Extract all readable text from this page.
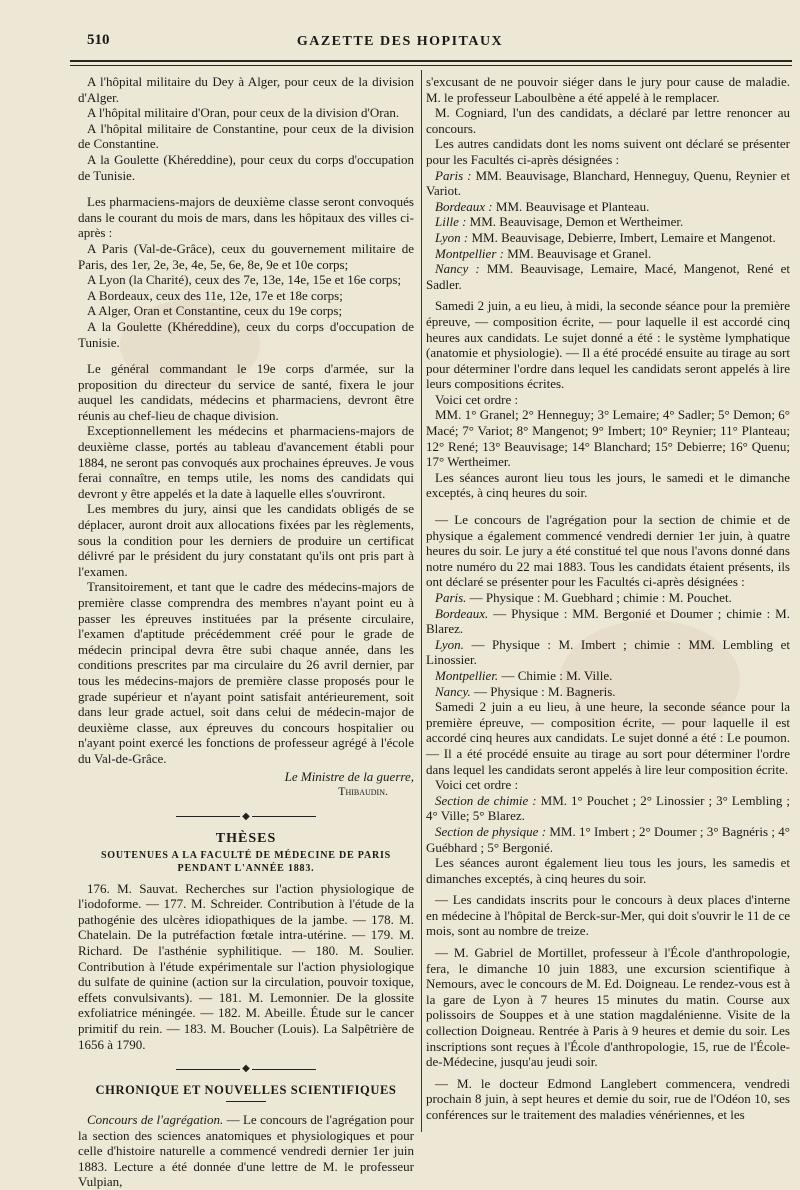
510	GAZETTE DES HOPITAUX

A l'hôpital militaire du Dey à Alger, pour ceux de la division d'Alger.

A l'hôpital militaire d'Oran, pour ceux de la division d'Oran.

A l'hôpital militaire de Constantine, pour ceux de la division de Constantine.

A la Goulette (Khéreddine), pour ceux du corps d'occupation de Tunisie.

Les pharmaciens-majors de deuxième classe seront convoqués dans le courant du mois de mars, dans les hôpitaux des villes ci-après :

A Paris (Val-de-Grâce), ceux du gouvernement militaire de Paris, des 1er, 2e, 3e, 4e, 5e, 6e, 8e, 9e et 10e corps;

A Lyon (la Charité), ceux des 7e, 13e, 14e, 15e et 16e corps;

A Bordeaux, ceux des 11e, 12e, 17e et 18e corps;

A Alger, Oran et Constantine, ceux du 19e corps;

A la Goulette (Khéreddine), ceux du corps d'occupation de Tunisie.

Le général commandant le 19e corps d'armée, sur la proposition du directeur du service de santé, fixera le jour auquel les candidats, médecins et pharmaciens, devront être réunis au chef-lieu de chaque division.

Exceptionnellement les médecins et pharmaciens-majors de deuxième classe, portés au tableau d'avancement établi pour 1884, ne seront pas convoqués aux prochaines épreuves. Je vous ferai connaître, en temps utile, les noms des candidats qui devront y être appelés et la date à laquelle elles s'ouvriront.

Les membres du jury, ainsi que les candidats obligés de se déplacer, auront droit aux allocations fixées par les règlements, sous la condition pour les derniers de produire un certificat délivré par le président du jury constatant qu'ils ont pris part à l'examen.

Transitoirement, et tant que le cadre des médecins-majors de première classe comprendra des membres n'ayant point eu à passer les épreuves instituées par la présente circulaire, l'examen d'aptitude précédemment créé pour le grade de médecin principal devra être subi chaque année, dans les conditions prescrites par ma circulaire du 26 avril dernier, par tous les médecins-majors de première classe proposés pour le grade supérieur et n'ayant point satisfait antérieurement, soit dans leur grade actuel, soit dans celui de médecin-major de deuxième classe, aux épreuves du concours hospitalier ou n'ayant point exercé les fonctions de professeur agrégé à l'école du Val-de-Grâce.

Le Ministre de la guerre,
Thibaudin.
◆
THÈSES
SOUTENUES A LA FACULTÉ DE MÉDECINE DE PARIS
PENDANT L'ANNÉE 1883.

176. M. Sauvat. Recherches sur l'action physiologique de l'iodoforme. — 177. M. Schreider. Contribution à l'étude de la pathogénie des ulcères idiopathiques de la jambe. — 178. M. Chatelain. De la putréfaction fœtale intra-utérine. — 179. M. Richard. De l'asthénie syphilitique. — 180. M. Soulier. Contribution à l'étude expérimentale sur l'action physiologique du sulfate de quinine (action sur la circulation, pouvoir toxique, effets convulsivants). — 181. M. Lemonnier. De la glossite exfoliatrice méningée. — 182. M. Abeille. Étude sur le cancer primitif du rein. — 183. M. Boucher (Louis). La Salpêtrière de 1656 à 1790.

◆
CHRONIQUE ET NOUVELLES SCIENTIFIQUES

Concours de l'agrégation. — Le concours de l'agrégation pour la section des sciences anatomiques et physiologiques et pour celle d'histoire naturelle a commencé vendredi dernier 1er juin 1883. Lecture a été donnée d'une lettre de M. le professeur Vulpian,

s'excusant de ne pouvoir siéger dans le jury pour cause de maladie. M. le professeur Laboulbène a été appelé à le remplacer.

M. Cogniard, l'un des candidats, a déclaré par lettre renoncer au concours.

Les autres candidats dont les noms suivent ont déclaré se présenter pour les Facultés ci-après désignées :

Paris : MM. Beauvisage, Blanchard, Henneguy, Quenu, Reynier et Variot.

Bordeaux : MM. Beauvisage et Planteau.

Lille : MM. Beauvisage, Demon et Wertheimer.

Lyon : MM. Beauvisage, Debierre, Imbert, Lemaire et Mangenot.

Montpellier : MM. Beauvisage et Granel.

Nancy : MM. Beauvisage, Lemaire, Macé, Mangenot, René et Sadler.

Samedi 2 juin, a eu lieu, à midi, la seconde séance pour la première épreuve, — composition écrite, — pour laquelle il est accordé cinq heures aux candidats. Le sujet donné a été : le système lymphatique (anatomie et physiologie). — Il a été procédé ensuite au tirage au sort pour déterminer l'ordre dans lequel les candidats seront appelés à lire leurs compositions écrites.

Voici cet ordre :

MM. 1° Granel; 2° Henneguy; 3° Lemaire; 4° Sadler; 5° Demon; 6° Macé; 7° Variot; 8° Mangenot; 9° Imbert; 10° Reynier; 11° Planteau; 12° René; 13° Beauvisage; 14° Blanchard; 15° Debierre; 16° Quenu; 17° Wertheimer.

Les séances auront lieu tous les jours, le samedi et le dimanche exceptés, à cinq heures du soir.

— Le concours de l'agrégation pour la section de chimie et de physique a également commencé vendredi dernier 1er juin, à quatre heures du soir. Le jury a été constitué tel que nous l'avons donné dans notre numéro du 22 mai 1883. Tous les candidats étaient présents, ils ont déclaré se présenter pour les Facultés ci-après désignées :

Paris. — Physique : M. Guebhard ; chimie : M. Pouchet.

Bordeaux. — Physique : MM. Bergonié et Doumer ; chimie : M. Blarez.

Lyon. — Physique : M. Imbert ; chimie : MM. Lembling et Linossier.

Montpellier. — Chimie : M. Ville.

Nancy. — Physique : M. Bagneris.

Samedi 2 juin a eu lieu, à une heure, la seconde séance pour la première épreuve, — composition écrite, — pour laquelle il est accordé cinq heures aux candidats. Le sujet donné a été : Le poumon. — Il a été procédé ensuite au tirage au sort pour déterminer l'ordre dans lequel les candidats seront appelés à lire leur composition écrite.

Voici cet ordre :

Section de chimie : MM. 1° Pouchet ; 2° Linossier ; 3° Lembling ; 4° Ville; 5° Blarez.

Section de physique : MM. 1° Imbert ; 2° Doumer ; 3° Bagnéris ; 4° Guébhard ; 5° Bergonié.

Les séances auront également lieu tous les jours, les samedis et dimanches exceptés, à cinq heures du soir.

— Les candidats inscrits pour le concours à deux places d'interne en médecine à l'hôpital de Berck-sur-Mer, qui doit s'ouvrir le 11 de ce mois, sont au nombre de treize.

— M. Gabriel de Mortillet, professeur à l'École d'anthropologie, fera, le dimanche 10 juin 1883, une excursion scientifique à Nemours, avec le concours de M. Ed. Doigneau. Le rendez-vous est à la gare de Lyon à 7 heures 15 minutes du matin. Course aux polissoirs de Souppes et à une station magdalénienne. Visite de la collection Doigneau. Rentrée à Paris à 9 heures et demie du soir. Les inscriptions sont reçues à l'École d'anthropologie, 15, rue de l'École-de-Médecine, jusqu'au jeudi soir.

— M. le docteur Edmond Langlebert commencera, vendredi prochain 8 juin, à sept heures et demie du soir, rue de l'Odéon 10, ses conférences sur le traitement des maladies vénériennes, et les
